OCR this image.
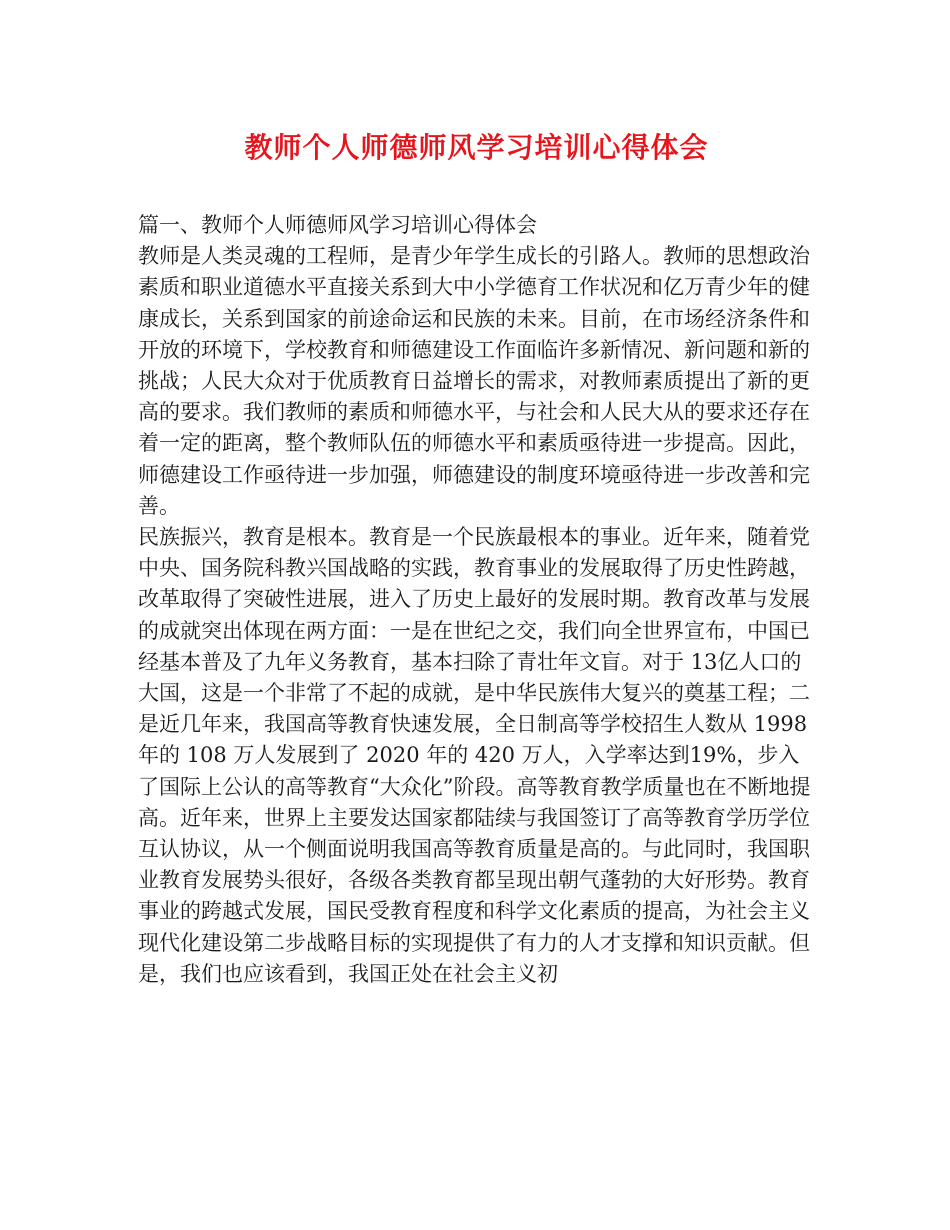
教师个人师德师风学习培训心得体会

篇一、教师个人师德师风学习培训心得体会

教师是人类灵魂的工程师，是青少年学生成长的引路人。教师的思想政治素质和职业道德水平直接关系到大中小学德育工作状况和亿万青少年的健康成长，关系到国家的前途命运和民族的未来。目前，在市场经济条件和开放的环境下，学校教育和师德建设工作面临许多新情况、新问题和新的挑战；人民大众对于优质教育日益增长的需求，对教师素质提出了新的更高的要求。我们教师的素质和师德水平，与社会和人民大从的要求还存在着一定的距离，整个教师队伍的师德水平和素质亟待进一步提高。因此，师德建设工作亟待进一步加强，师德建设的制度环境亟待进一步改善和完善。

民族振兴，教育是根本。教育是一个民族最根本的事业。近年来，随着党中央、国务院科教兴国战略的实践，教育事业的发展取得了历史性跨越，改革取得了突破性进展，进入了历史上最好的发展时期。教育改革与发展的成就突出体现在两方面：一是在世纪之交，我们向全世界宣布，中国已经基本普及了九年义务教育，基本扫除了青壮年文盲。对于 13亿人口的大国，这是一个非常了不起的成就，是中华民族伟大复兴的奠基工程；二是近几年来，我国高等教育快速发展，全日制高等学校招生人数从 1998 年的 108 万人发展到了 2020 年的 420 万人，入学率达到19%，步入了国际上公认的高等教育“大众化”阶段。高等教育教学质量也在不断地提高。近年来，世界上主要发达国家都陆续与我国签订了高等教育学历学位互认协议，从一个侧面说明我国高等教育质量是高的。与此同时，我国职业教育发展势头很好，各级各类教育都呈现出朝气蓬勃的大好形势。教育事业的跨越式发展，国民受教育程度和科学文化素质的提高，为社会主义现代化建设第二步战略目标的实现提供了有力的人才支撑和知识贡献。但是，我们也应该看到，我国正处在社会主义初
